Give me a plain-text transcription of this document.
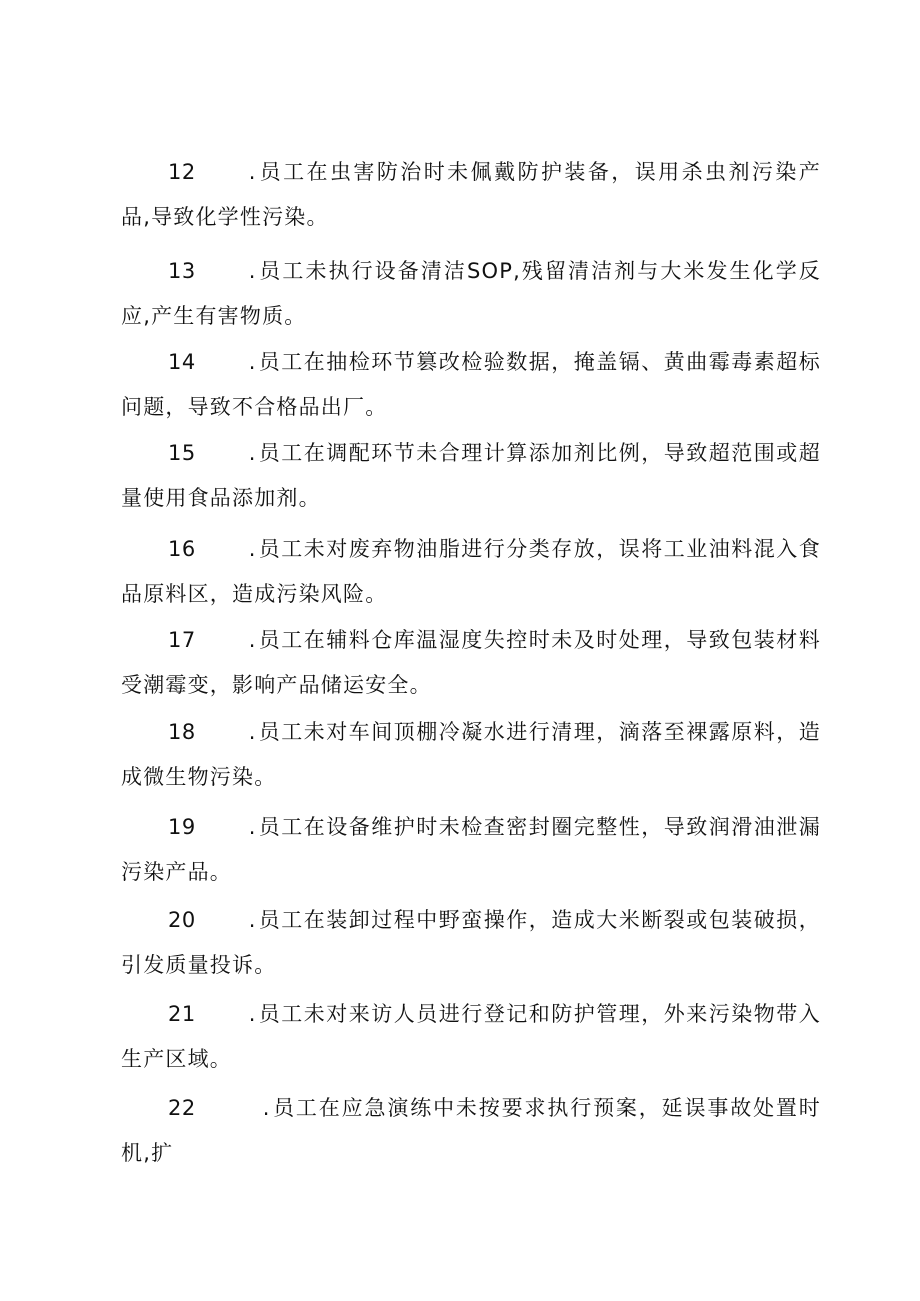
12	. 员工在虫害防治时未佩戴防护装备，误用杀虫剂污染产品,导致化学性污染。

13	. 员工未执行设备清洁SOP,残留清洁剂与大米发生化学反应,产生有害物质。

14	. 员工在抽检环节篡改检验数据，掩盖镉、黄曲霉毒素超标问题，导致不合格品出厂。

15	. 员工在调配环节未合理计算添加剂比例，导致超范围或超量使用食品添加剂。

16	. 员工未对废弃物油脂进行分类存放，误将工业油料混入食品原料区，造成污染风险。

17	. 员工在辅料仓库温湿度失控时未及时处理，导致包装材料受潮霉变，影响产品储运安全。

18	. 员工未对车间顶棚冷凝水进行清理，滴落至裸露原料，造成微生物污染。

19	. 员工在设备维护时未检查密封圈完整性，导致润滑油泄漏污染产品。

20	. 员工在装卸过程中野蛮操作，造成大米断裂或包装破损，引发质量投诉。

21	. 员工未对来访人员进行登记和防护管理，外来污染物带入生产区域。

22	. 员工在应急演练中未按要求执行预案，延误事故处置时机,扩
